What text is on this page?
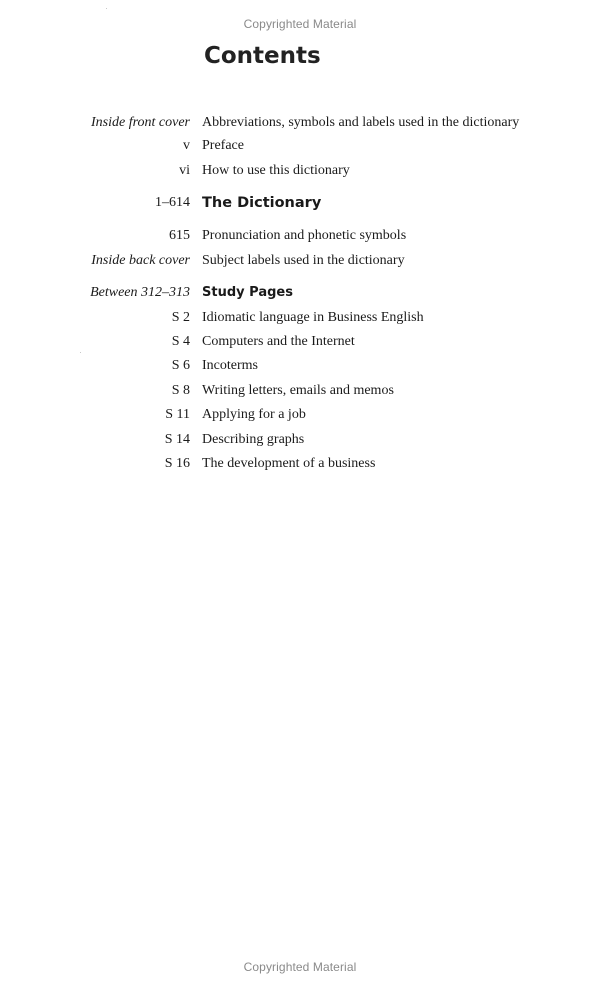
Copyrighted Material
Contents
Inside front cover Abbreviations, symbols and labels used in the dictionary
v Preface
vi How to use this dictionary
1–614 The Dictionary
615 Pronunciation and phonetic symbols
Inside back cover Subject labels used in the dictionary
Between 312–313 Study Pages
S 2 Idiomatic language in Business English
S 4 Computers and the Internet
S 6 Incoterms
S 8 Writing letters, emails and memos
S 11 Applying for a job
S 14 Describing graphs
S 16 The development of a business
Copyrighted Material
